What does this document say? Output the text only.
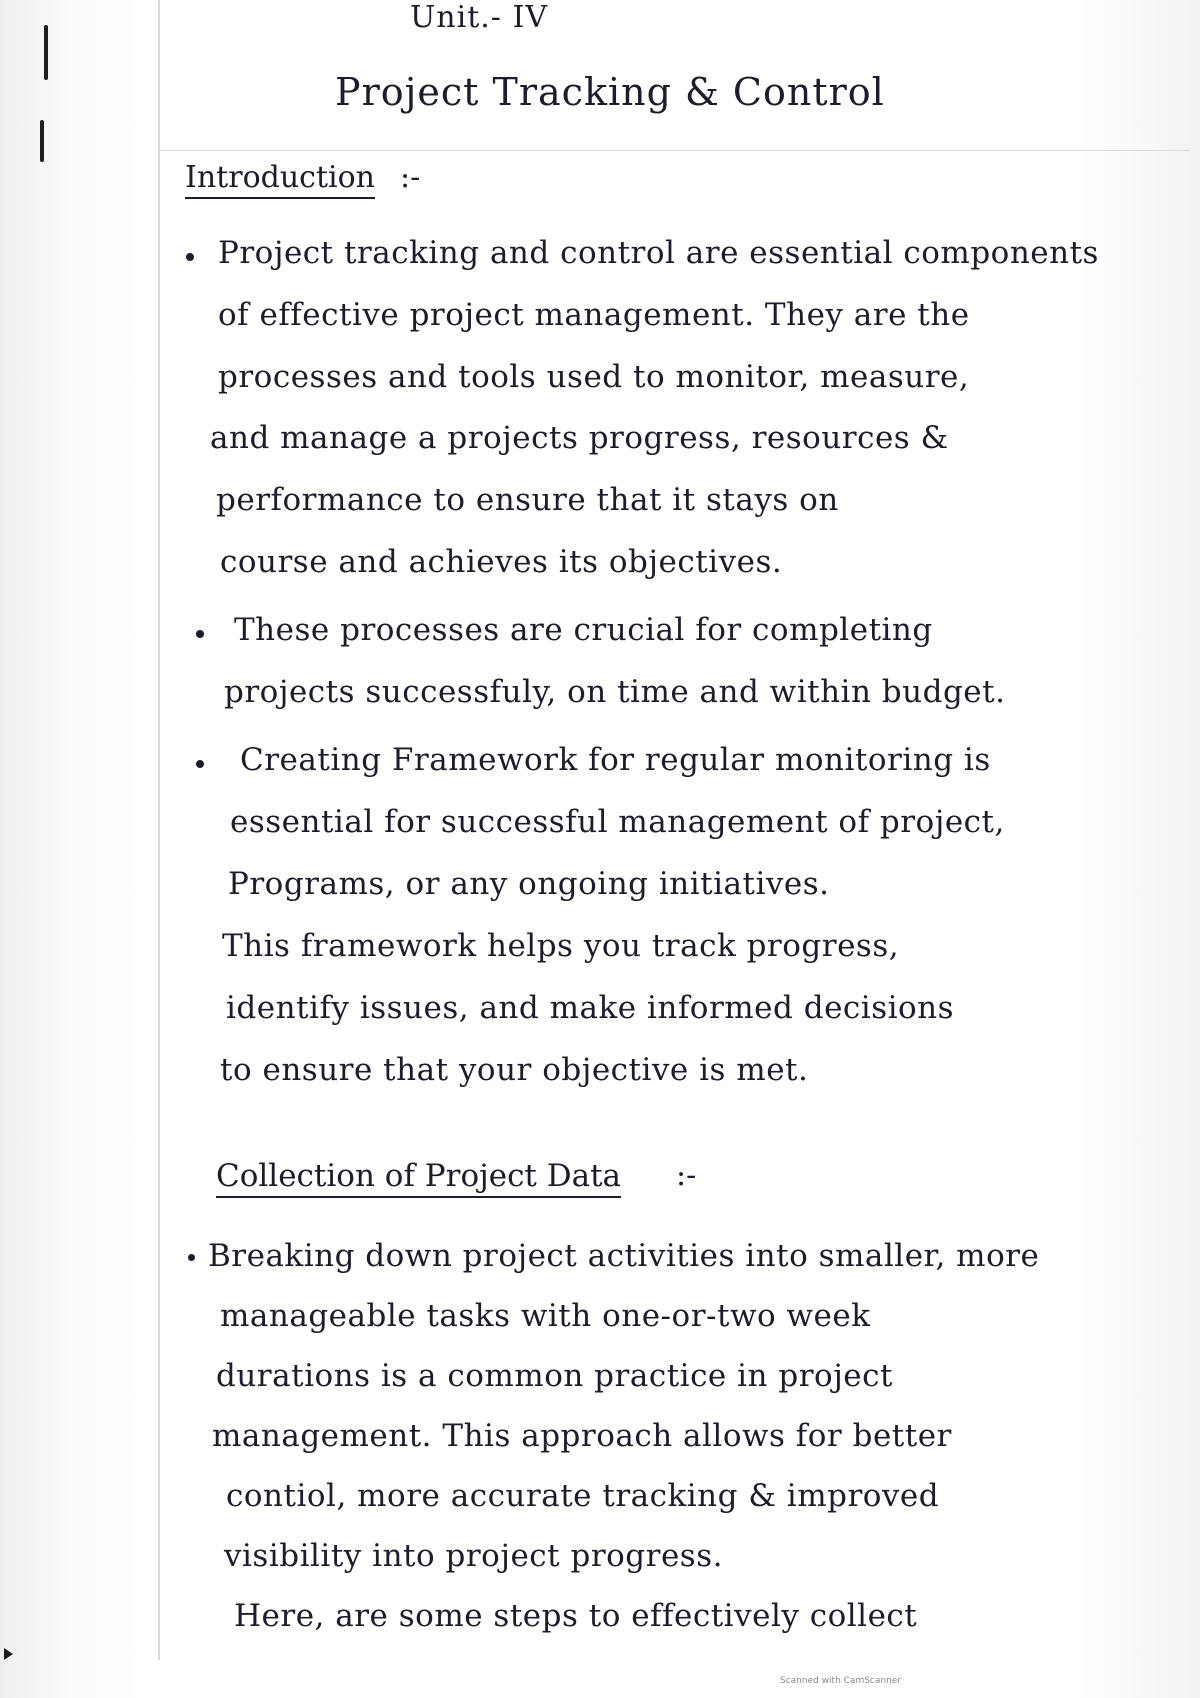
Unit.- IV
Project Tracking & Control
Introduction :-
Project tracking and control are essential components
of effective project management. They are the
processes and tools used to monitor, measure,
and manage a projects progress, resources &
performance to ensure that it stays on
course and achieves its objectives.
These processes are crucial for completing
projects successfuly, on time and within budget.
Creating Framework for regular monitoring is
essential for successful management of project,
Programs, or any ongoing initiatives.
This framework helps you track progress,
identify issues, and make informed decisions
to ensure that your objective is met.
Collection of Project Data :-
Breaking down project activities into smaller, more
manageable tasks with one-or-two week
durations is a common practice in project
management. This approach allows for better
contiol, more accurate tracking & improved
visibility into project progress.
Here, are some steps to effectively collect
Scanned with CamScanner
